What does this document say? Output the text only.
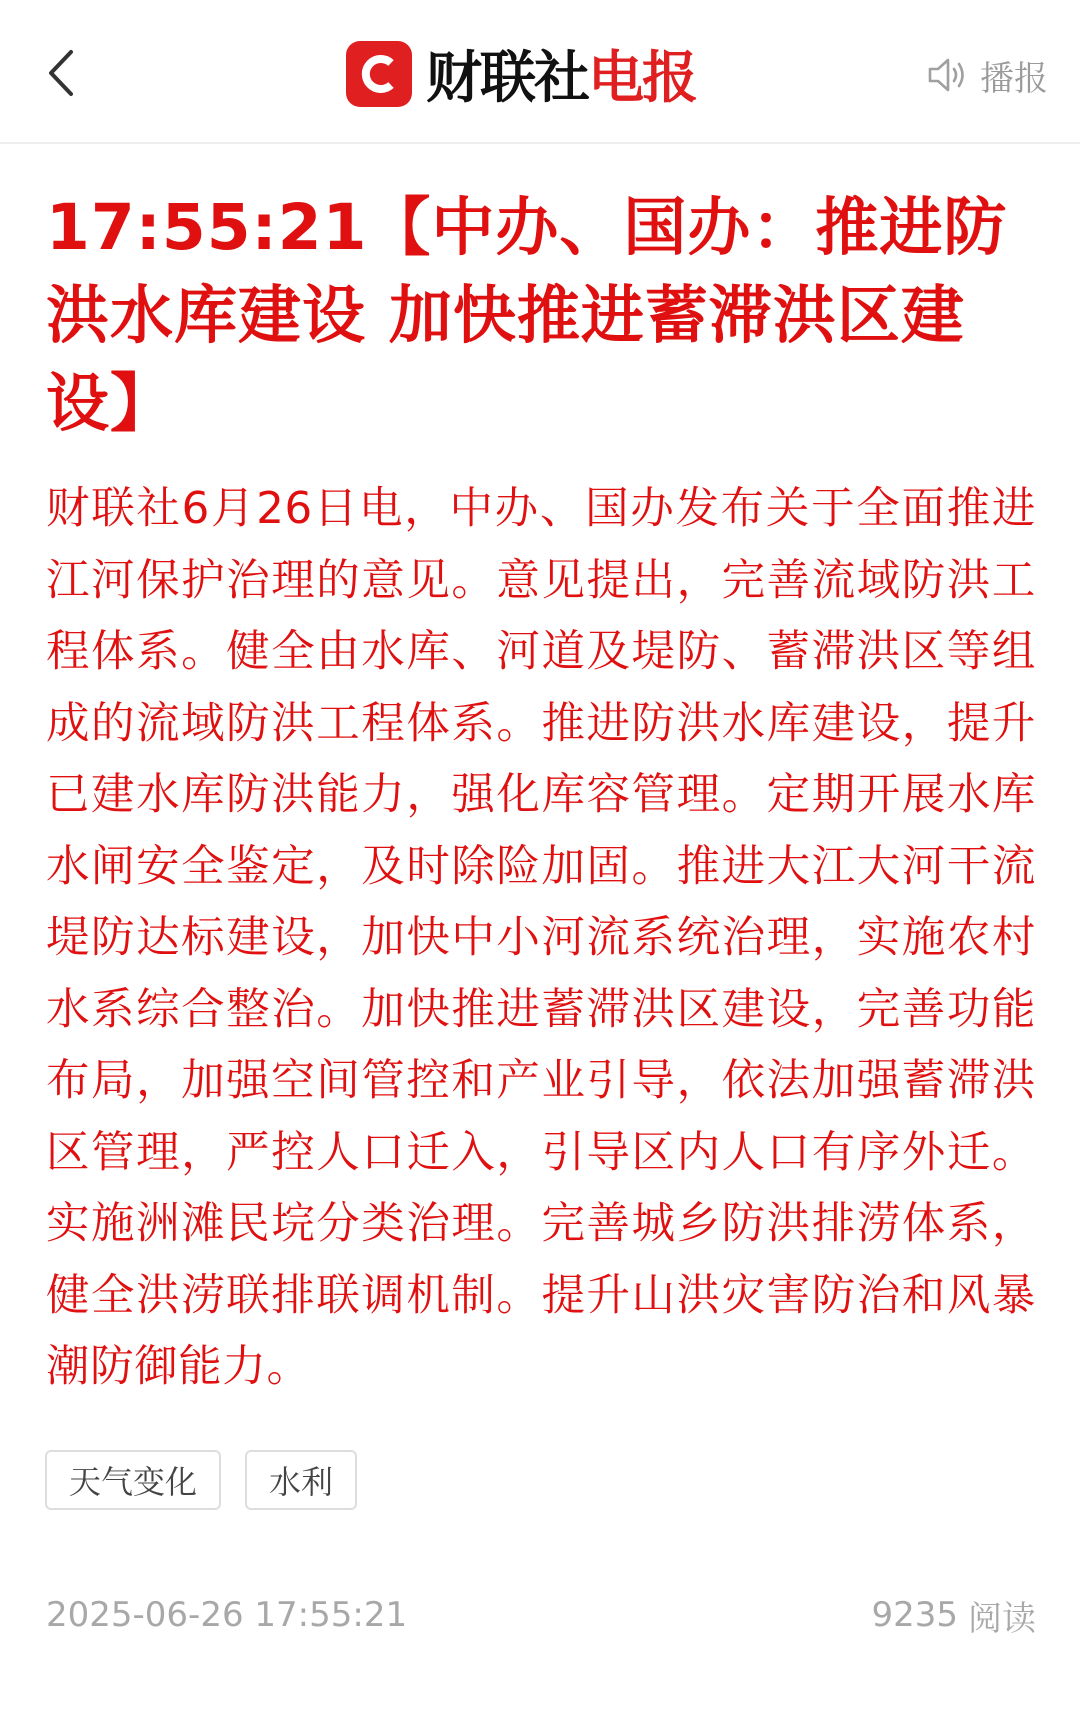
财联社 电报	播报
17:55:21【中办、国办：推进防洪水库建设 加快推进蓄滞洪区建设】

财联社6月26日电，中办、国办发布关于全面推进江河保护治理的意见。意见提出，完善流域防洪工程体系。健全由水库、河道及堤防、蓄滞洪区等组成的流域防洪工程体系。推进防洪水库建设，提升已建水库防洪能力，强化库容管理。定期开展水库水闸安全鉴定，及时除险加固。推进大江大河干流堤防达标建设，加快中小河流系统治理，实施农村水系综合整治。加快推进蓄滞洪区建设，完善功能布局，加强空间管控和产业引导，依法加强蓄滞洪区管理，严控人口迁入，引导区内人口有序外迁。实施洲滩民垸分类治理。完善城乡防洪排涝体系，健全洪涝联排联调机制。提升山洪灾害防治和风暴潮防御能力。

天气变化	水利
2025-06-26 17:55:21	9235 阅读
